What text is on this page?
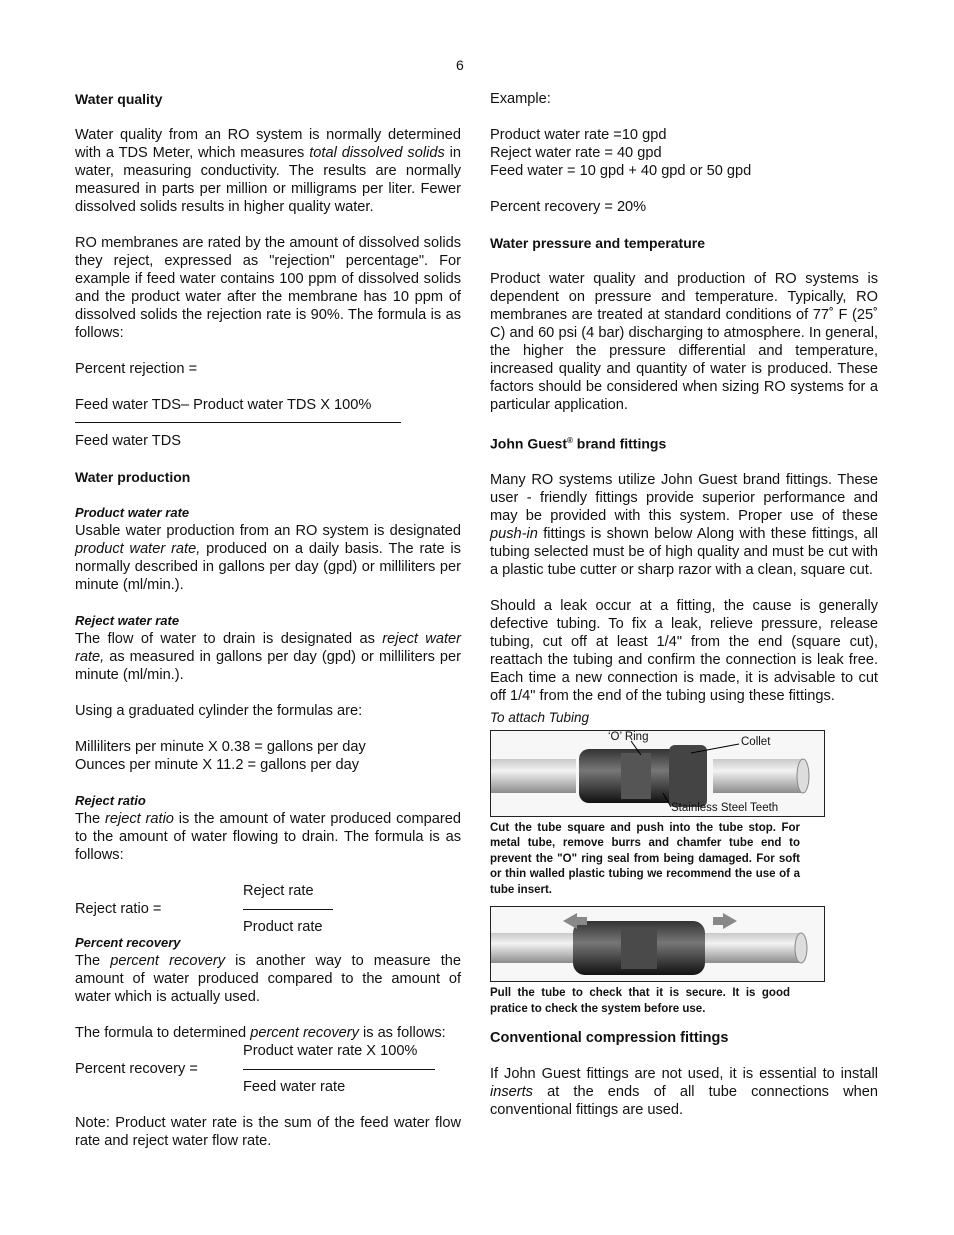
6

Water quality

Water quality from an RO system is normally determined with a TDS Meter, which measures total dissolved solids in water, measuring conductivity. The results are normally measured in parts per million or milligrams per liter. Fewer dissolved solids results in higher quality water.

RO membranes are rated by the amount of dissolved solids they reject, expressed as "rejection" percentage". For example if feed water contains 100 ppm of dissolved solids and the product water after the membrane has 10 ppm of dissolved solids the rejection rate is 90%. The formula is as follows:

Percent rejection =

Feed water TDS– Product water TDS X 100%

Feed water TDS

Water production

Product water rate

Usable water production from an RO system is designated product water rate, produced on a daily basis. The rate is normally described in gallons per day (gpd) or milliliters per minute (ml/min.).

Reject water rate

The flow of water to drain is designated as reject water rate, as measured in gallons per day (gpd) or milliliters per minute (ml/min.).

Using a graduated cylinder the formulas are:

Milliliters per minute X 0.38 = gallons per day

Ounces per minute X 11.2 = gallons per day

Reject ratio

The reject ratio is the amount of water produced compared to the amount of water flowing to drain. The formula is as follows:

Reject rate

Reject ratio =

Product rate

Percent recovery

The percent recovery is another way to measure the amount of water produced compared to the amount of water which is actually used.

The formula to determined percent recovery is as follows:

Product water rate X 100%

Percent recovery =

Feed water rate

Note: Product water rate is the sum of the feed water flow rate and reject water flow rate.

Example:

Product water rate =10 gpd

Reject water rate = 40 gpd

Feed water = 10 gpd + 40 gpd or 50 gpd

Percent recovery = 20%

Water pressure and temperature

Product water quality and production of RO systems is dependent on pressure and temperature. Typically, RO membranes are treated at standard conditions of 77˚ F (25˚ C) and 60 psi (4 bar) discharging to atmosphere. In general, the higher the pressure differential and temperature, increased quality and quantity of water is produced. These factors should be considered when sizing RO systems for a particular application.

John Guest® brand fittings

Many RO systems utilize John Guest brand fittings. These user - friendly fittings provide superior performance and may be provided with this system. Proper use of these push-in fittings is shown below Along with these fittings, all tubing selected must be of high quality and must be cut with a plastic tube cutter or sharp razor with a clean, square cut.

Should a leak occur at a fitting, the cause is generally defective tubing. To fix a leak, relieve pressure, release tubing, cut off at least 1/4" from the end (square cut), reattach the tubing and confirm the connection is leak free. Each time a new connection is made, it is advisable to cut off 1/4" from the end of the tubing using these fittings.

To attach Tubing

‘O’ Ring	Collet
Stainless Steel Teeth

Cut the tube square and push into the tube stop. For metal tube, remove burrs and chamfer tube end to prevent the "O" ring seal from being damaged. For soft or thin walled plastic tubing we recommend the use of a tube insert.

Pull the tube to check that it is secure. It is good pratice to check the system before use.

Conventional compression fittings

If John Guest fittings are not used, it is essential to install inserts at the ends of all tube connections when conventional fittings are used.
